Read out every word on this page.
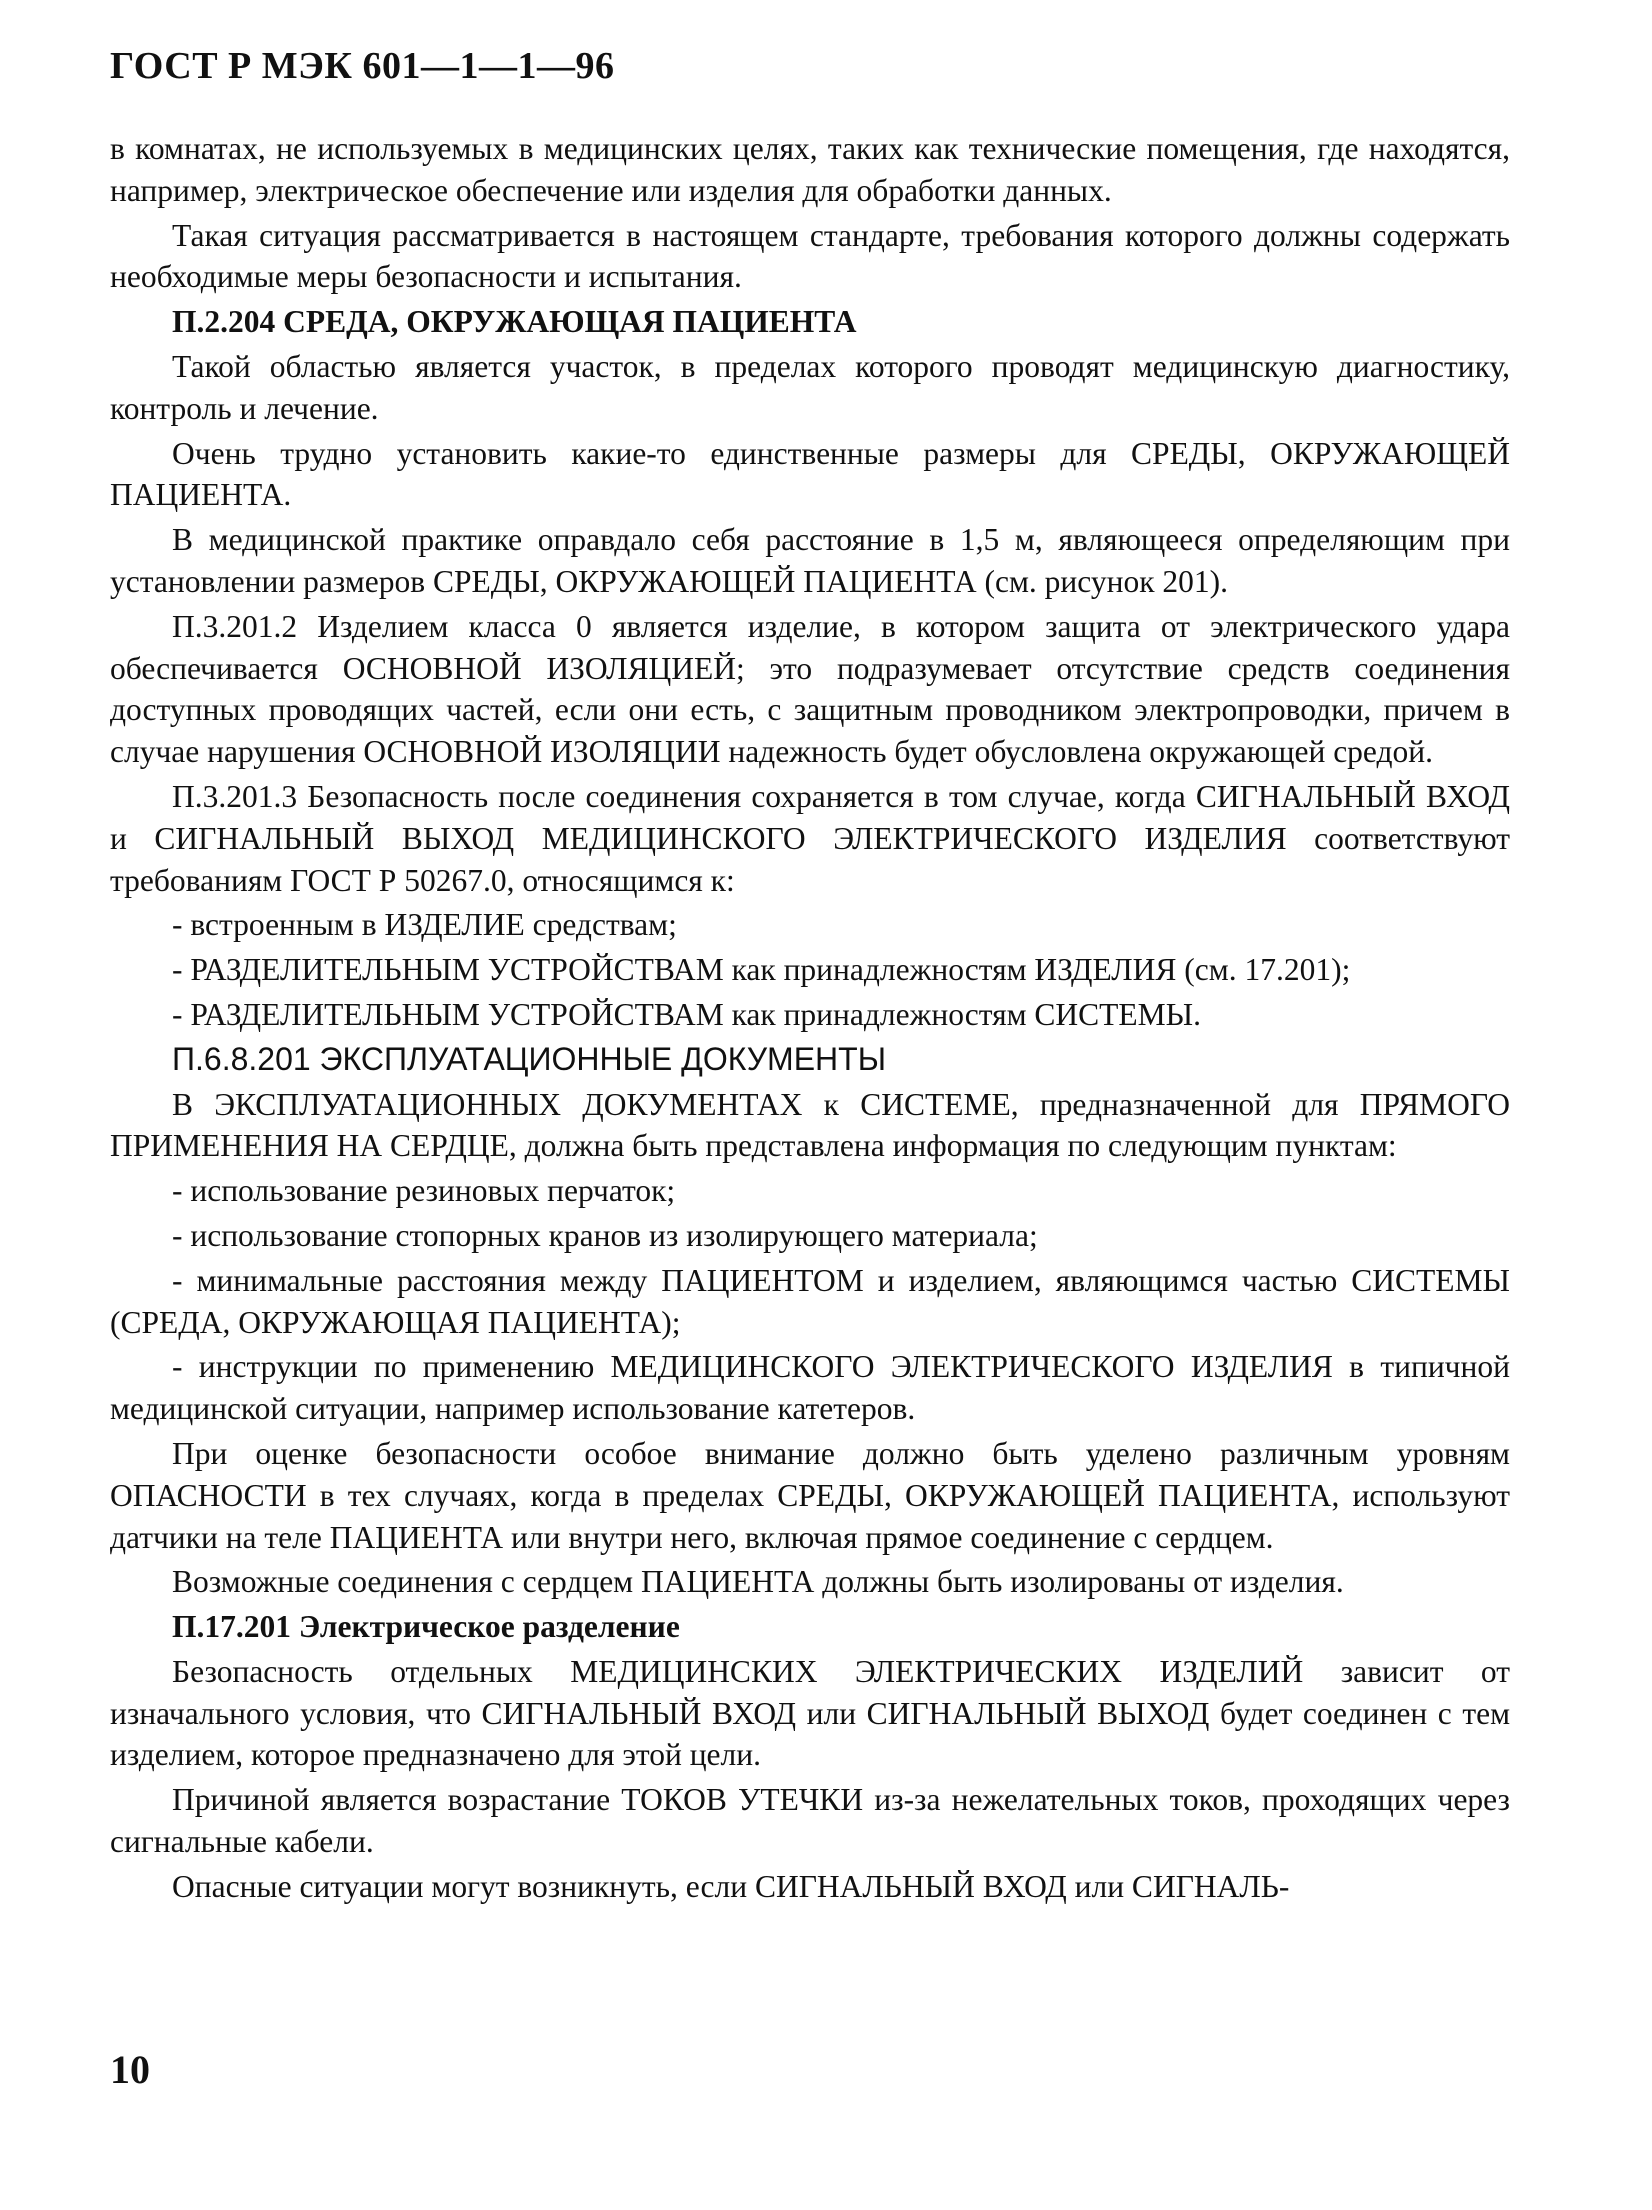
ГОСТ Р МЭК 601—1—1—96

в комнатах, не используемых в медицинских целях, таких как технические помещения, где находятся, например, электрическое обеспечение или изделия для обработки данных.

Такая ситуация рассматривается в настоящем стандарте, требования которого должны содержать необходимые меры безопасности и испытания.

П.2.204 СРЕДА, ОКРУЖАЮЩАЯ ПАЦИЕНТА

Такой областью является участок, в пределах которого проводят медицинскую диагностику, контроль и лечение.

Очень трудно установить какие-то единственные размеры для СРЕДЫ, ОКРУЖАЮЩЕЙ ПАЦИЕНТА.

В медицинской практике оправдало себя расстояние в 1,5 м, являющееся определяющим при установлении размеров СРЕДЫ, ОКРУЖАЮЩЕЙ ПАЦИЕНТА (см. рисунок 201).

П.3.201.2 Изделием класса 0 является изделие, в котором защита от электрического удара обеспечивается ОСНОВНОЙ ИЗОЛЯЦИЕЙ; это подразумевает отсутствие средств соединения доступных проводящих частей, если они есть, с защитным проводником электропроводки, причем в случае нарушения ОСНОВНОЙ ИЗОЛЯЦИИ надежность будет обусловлена окружающей средой.

П.3.201.3 Безопасность после соединения сохраняется в том случае, когда СИГНАЛЬНЫЙ ВХОД и СИГНАЛЬНЫЙ ВЫХОД МЕДИЦИНСКОГО ЭЛЕКТРИЧЕСКОГО ИЗДЕЛИЯ соответствуют требованиям ГОСТ Р 50267.0, относящимся к:

- встроенным в ИЗДЕЛИЕ средствам;

- РАЗДЕЛИТЕЛЬНЫМ УСТРОЙСТВАМ как принадлежностям ИЗДЕЛИЯ (см. 17.201);

- РАЗДЕЛИТЕЛЬНЫМ УСТРОЙСТВАМ как принадлежностям СИСТЕМЫ.

П.6.8.201 ЭКСПЛУАТАЦИОННЫЕ ДОКУМЕНТЫ

В ЭКСПЛУАТАЦИОННЫХ ДОКУМЕНТАХ к СИСТЕМЕ, предназначенной для ПРЯМОГО ПРИМЕНЕНИЯ НА СЕРДЦЕ, должна быть представлена информация по следующим пунктам:

- использование резиновых перчаток;

- использование стопорных кранов из изолирующего материала;

- минимальные расстояния между ПАЦИЕНТОМ и изделием, являющимся частью СИСТЕМЫ (СРЕДА, ОКРУЖАЮЩАЯ ПАЦИЕНТА);

- инструкции по применению МЕДИЦИНСКОГО ЭЛЕКТРИЧЕСКОГО ИЗДЕЛИЯ в типичной медицинской ситуации, например использование катетеров.

При оценке безопасности особое внимание должно быть уделено различным уровням ОПАСНОСТИ в тех случаях, когда в пределах СРЕДЫ, ОКРУЖАЮЩЕЙ ПАЦИЕНТА, используют датчики на теле ПАЦИЕНТА или внутри него, включая прямое соединение с сердцем.

Возможные соединения с сердцем ПАЦИЕНТА должны быть изолированы от изделия.

П.17.201 Электрическое разделение

Безопасность отдельных МЕДИЦИНСКИХ ЭЛЕКТРИЧЕСКИХ ИЗДЕЛИЙ зависит от изначального условия, что СИГНАЛЬНЫЙ ВХОД или СИГНАЛЬНЫЙ ВЫХОД будет соединен с тем изделием, которое предназначено для этой цели.

Причиной является возрастание ТОКОВ УТЕЧКИ из-за нежелательных токов, проходящих через сигнальные кабели.

Опасные ситуации могут возникнуть, если СИГНАЛЬНЫЙ ВХОД или СИГНАЛЬ-

10
